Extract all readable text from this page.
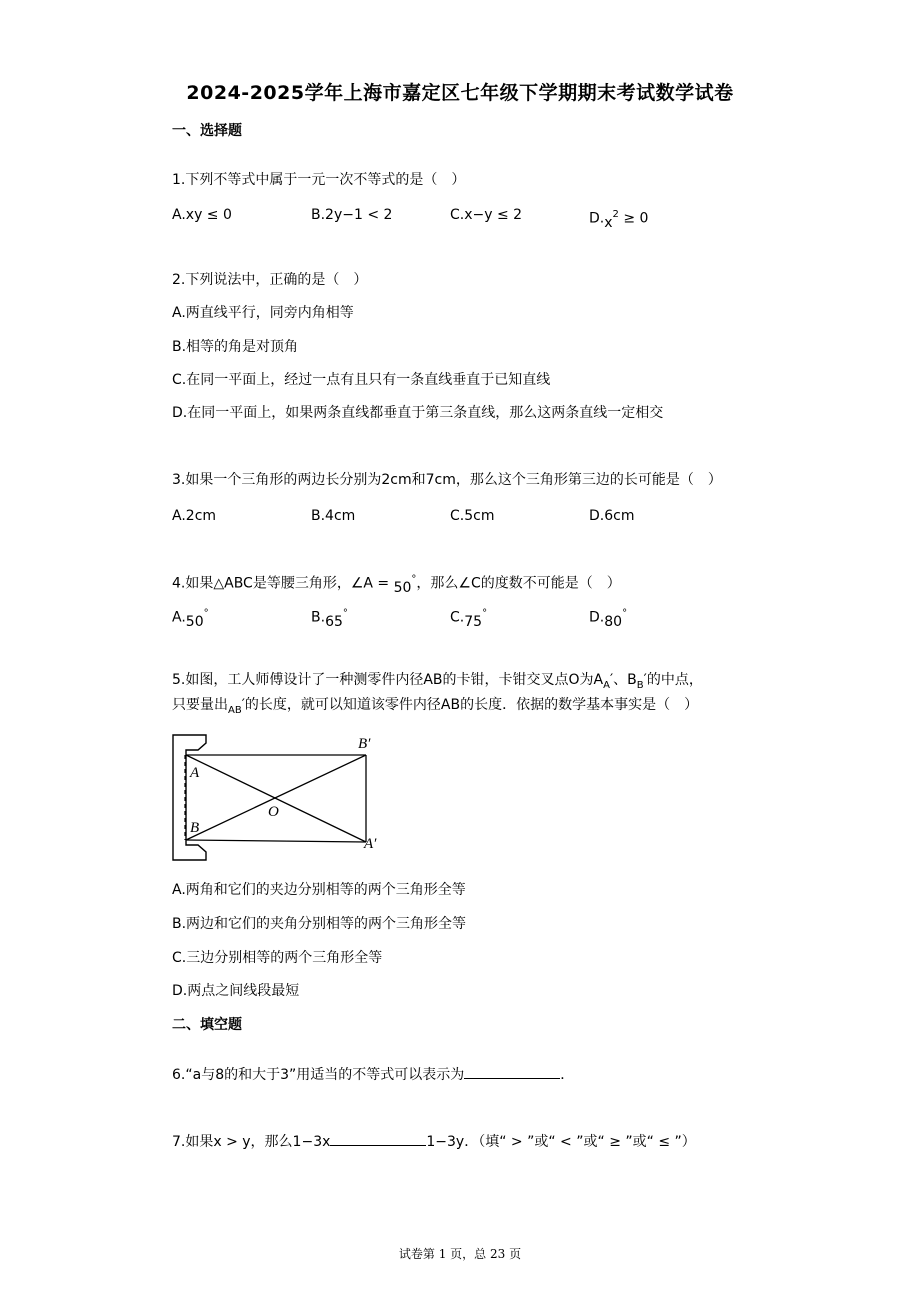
2024-2025学年上海市嘉定区七年级下学期期末考试数学试卷
一、选择题
1.下列不等式中属于一元一次不等式的是（　）
A.xy ≤ 0	B.2y−1 < 2	C.x−y ≤ 2	$D.x^2 \ge 0$
2.下列说法中，正确的是（　）
A.两直线平行，同旁内角相等
B.相等的角是对顶角
C.在同一平面上，经过一点有且只有一条直线垂直于已知直线
D.在同一平面上，如果两条直线都垂直于第三条直线，那么这两条直线一定相交
3.如果一个三角形的两边长分别为2cm和7cm，那么这个三角形第三边的长可能是（　）
A.2cm	B.4cm	C.5cm	D.6cm
4.如果△ABC是等腰三角形，∠A = 50°，那么∠C的度数不可能是（　）
A.50°	B.65°	C.75°	D.80°
5.如图，工人师傅设计了一种测零件内径AB的卡钳，卡钳交叉点O为$A_A'$、$B_B'$的中点，
只要量出$_{AB}$′的长度，就可以知道该零件内径AB的长度．依据的数学基本事实是（　）
A
B
O
B′
A′
A.两角和它们的夹边分别相等的两个三角形全等
B.两边和它们的夹角分别相等的两个三角形全等
C.三边分别相等的两个三角形全等
D.两点之间线段最短
二、填空题
6.“a与8的和大于3”用适当的不等式可以表示为	．
7.如果x > y，那么1−3x	1−3y．（填“ > ”或“ < ”或“ ≥ ”或“ ≤ ”）
试卷第 1 页，总 23 页
